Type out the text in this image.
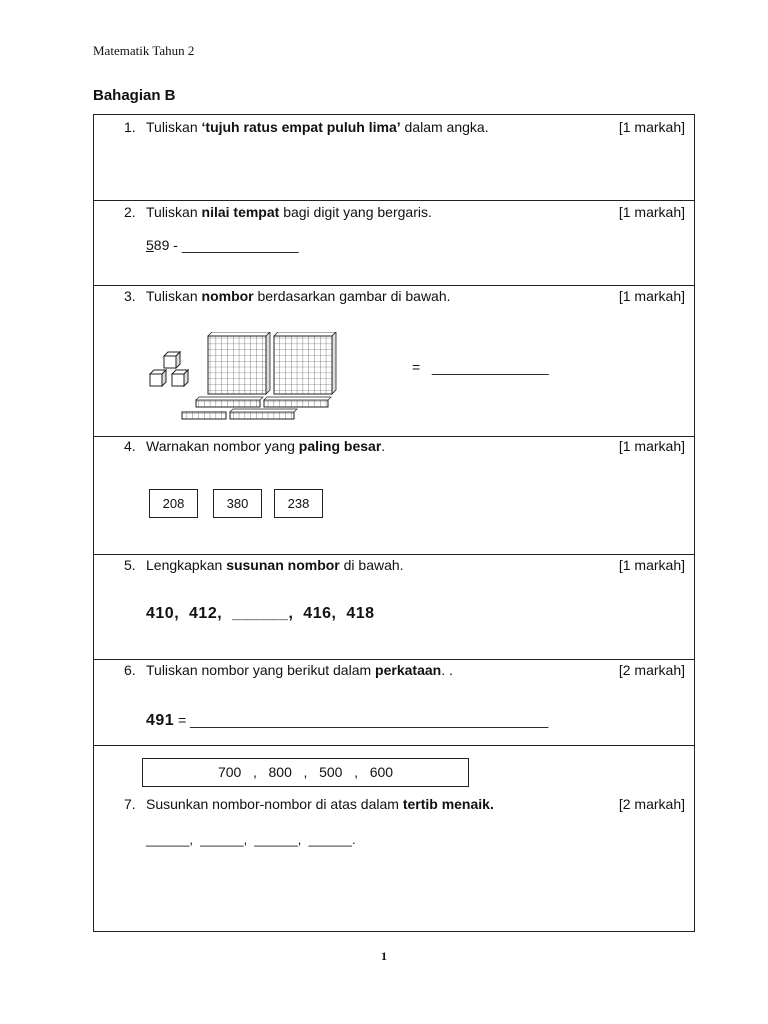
Matematik Tahun 2
Bahagian B
1. Tuliskan ‘tujuh ratus empat puluh lima’ dalam angka.	[1 markah]
2. Tuliskan nilai tempat bagi digit yang bergaris.	[1 markah]
589 - _______________
3. Tuliskan nombor berdasarkan gambar di bawah.	[1 markah]
= _______________
4. Warnakan nombor yang paling besar.	[1 markah]
208	380	238
5. Lengkapkan susunan nombor di bawah.	[1 markah]
410,  412,  ______,  416,  418
6. Tuliskan nombor yang berikut dalam perkataan. .	[2 markah]
491 = ______________________________________________
700   ,   800   ,   500   ,   600
7. Susunkan nombor-nombor di atas dalam tertib menaik.	[2 markah]
______,  ______,  ______,  ______.
1
